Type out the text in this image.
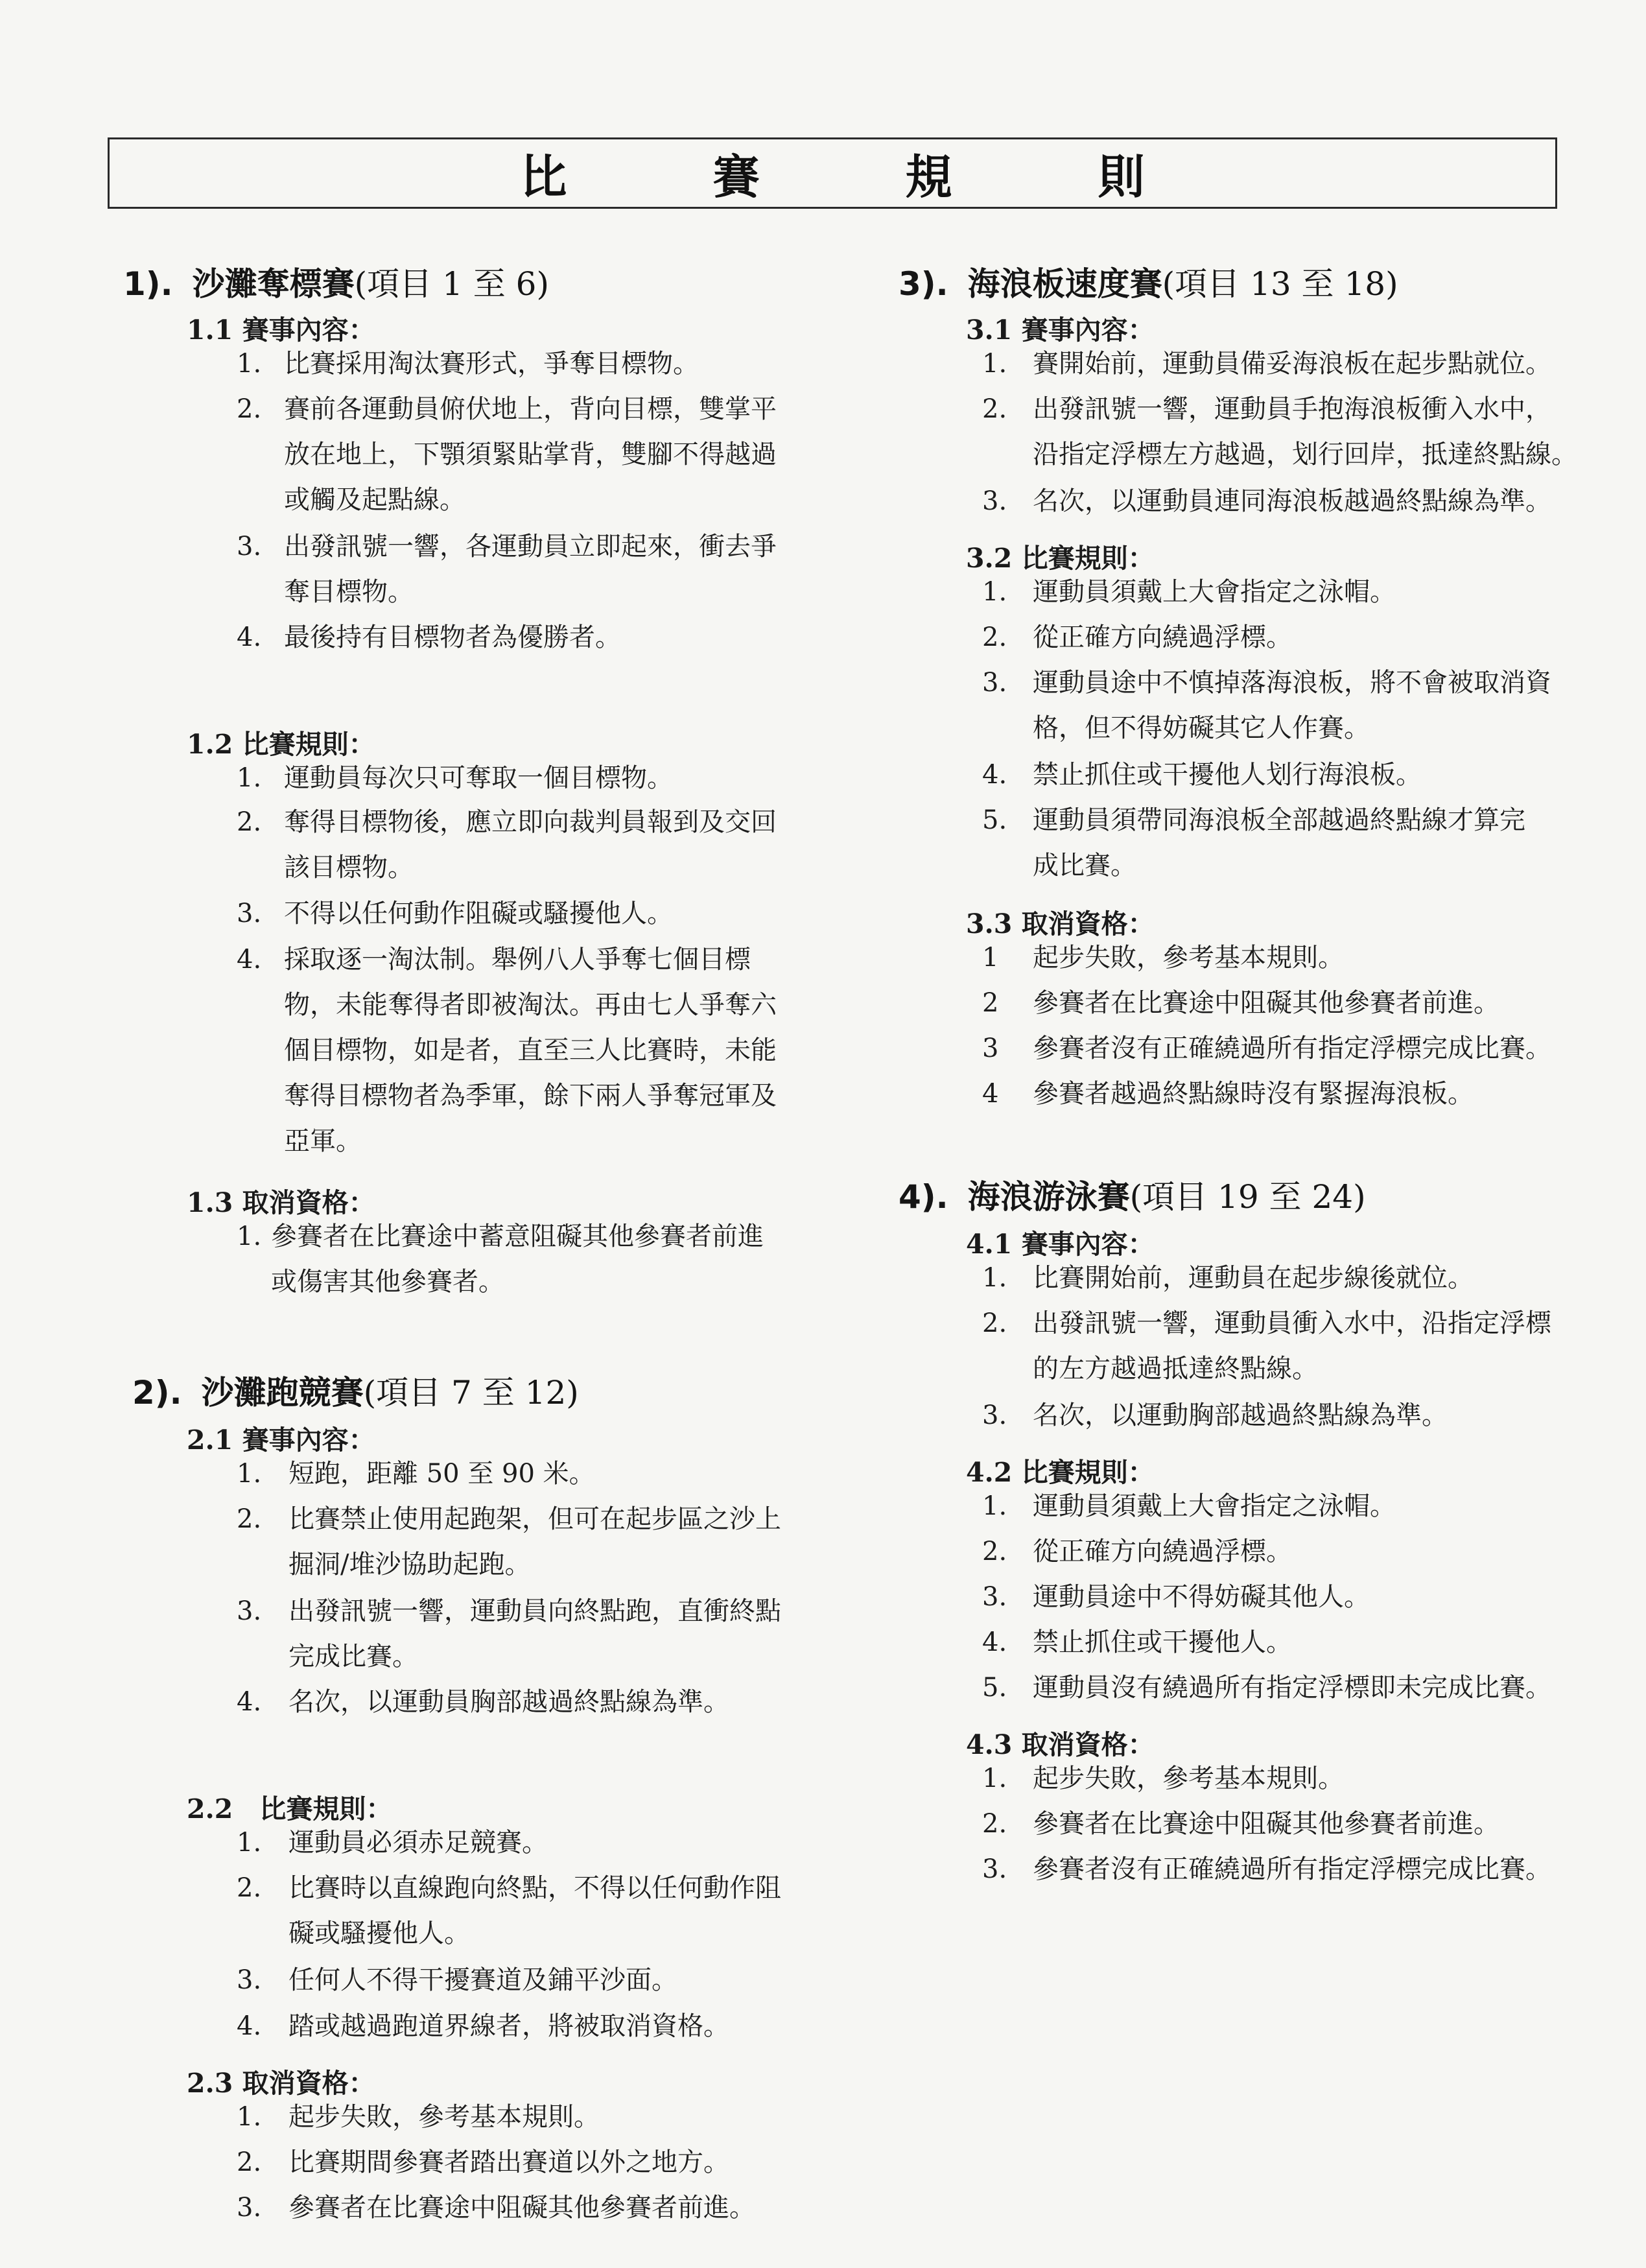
比 賽 規 則
1). 沙灘奪標賽(項目 1 至 6)
1.1 賽事內容：
1. 比賽採用淘汰賽形式，爭奪目標物。
2. 賽前各運動員俯伏地上，背向目標，雙掌平
放在地上，下顎須緊貼掌背，雙腳不得越過
或觸及起點線。
3. 出發訊號一響，各運動員立即起來，衝去爭
奪目標物。
4. 最後持有目標物者為優勝者。
1.2 比賽規則：
1. 運動員每次只可奪取一個目標物。
2. 奪得目標物後，應立即向裁判員報到及交回
該目標物。
3. 不得以任何動作阻礙或騷擾他人。
4. 採取逐一淘汰制。舉例八人爭奪七個目標
物，未能奪得者即被淘汰。再由七人爭奪六
個目標物，如是者，直至三人比賽時，未能
奪得目標物者為季軍，餘下兩人爭奪冠軍及
亞軍。
1.3 取消資格：
1. 參賽者在比賽途中蓄意阻礙其他參賽者前進
或傷害其他參賽者。
2). 沙灘跑競賽(項目 7 至 12)
2.1 賽事內容：
1. 短跑，距離 50 至 90 米。
2. 比賽禁止使用起跑架，但可在起步區之沙上
掘洞/堆沙協助起跑。
3. 出發訊號一響，運動員向終點跑，直衝終點
完成比賽。
4. 名次，以運動員胸部越過終點線為準。
2.2　比賽規則：
1. 運動員必須赤足競賽。
2. 比賽時以直線跑向終點，不得以任何動作阻
礙或騷擾他人。
3. 任何人不得干擾賽道及鋪平沙面。
4. 踏或越過跑道界線者，將被取消資格。
2.3 取消資格：
1. 起步失敗，參考基本規則。
2. 比賽期間參賽者踏出賽道以外之地方。
3. 參賽者在比賽途中阻礙其他參賽者前進。
3). 海浪板速度賽(項目 13 至 18)
3.1 賽事內容：
1. 賽開始前，運動員備妥海浪板在起步點就位。
2. 出發訊號一響，運動員手抱海浪板衝入水中，
沿指定浮標左方越過，划行回岸，抵達終點線。
3. 名次，以運動員連同海浪板越過終點線為準。
3.2 比賽規則：
1. 運動員須戴上大會指定之泳帽。
2. 從正確方向繞過浮標。
3. 運動員途中不慎掉落海浪板，將不會被取消資
格，但不得妨礙其它人作賽。
4. 禁止抓住或干擾他人划行海浪板。
5. 運動員須帶同海浪板全部越過終點線才算完
成比賽。
3.3 取消資格：
1 起步失敗，參考基本規則。
2 參賽者在比賽途中阻礙其他參賽者前進。
3 參賽者沒有正確繞過所有指定浮標完成比賽。
4 參賽者越過終點線時沒有緊握海浪板。
4). 海浪游泳賽(項目 19 至 24)
4.1 賽事內容：
1. 比賽開始前，運動員在起步線後就位。
2. 出發訊號一響，運動員衝入水中，沿指定浮標
的左方越過抵達終點線。
3. 名次，以運動胸部越過終點線為準。
4.2 比賽規則：
1. 運動員須戴上大會指定之泳帽。
2. 從正確方向繞過浮標。
3. 運動員途中不得妨礙其他人。
4. 禁止抓住或干擾他人。
5. 運動員沒有繞過所有指定浮標即未完成比賽。
4.3 取消資格：
1. 起步失敗，參考基本規則。
2. 參賽者在比賽途中阻礙其他參賽者前進。
3. 參賽者沒有正確繞過所有指定浮標完成比賽。
